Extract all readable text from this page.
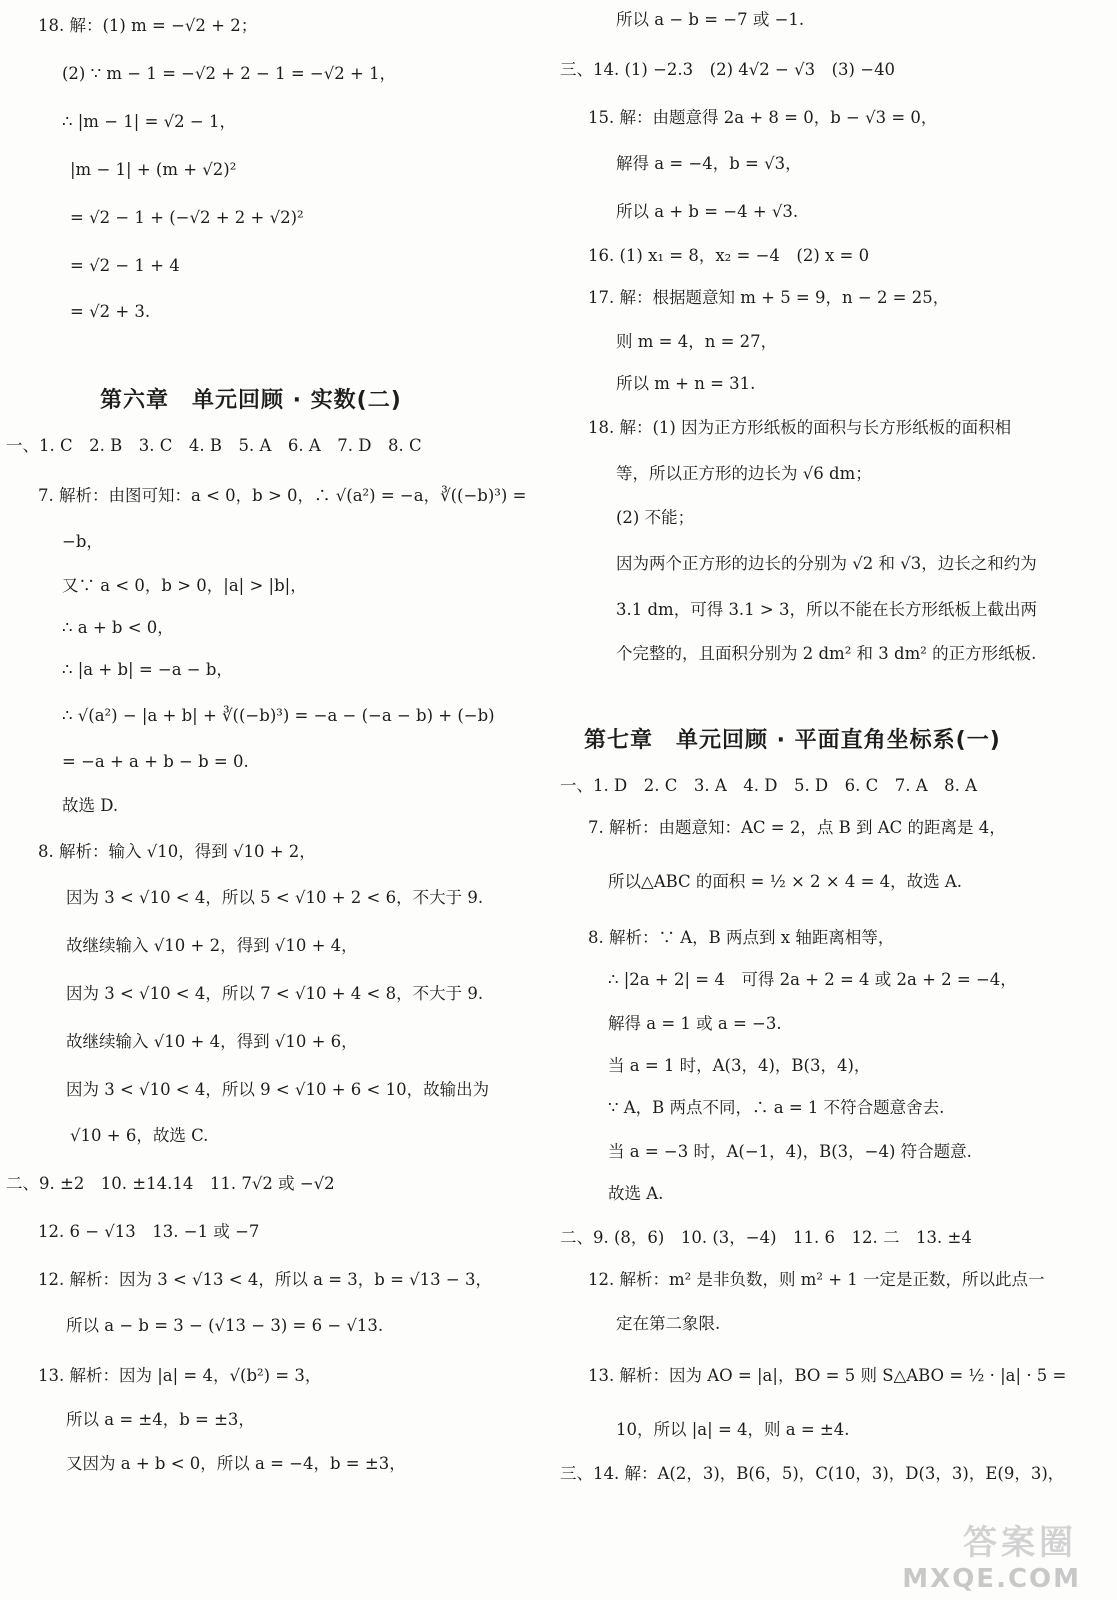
18. 解：(1) m = −√2 + 2；
(2) ∵ m − 1 = −√2 + 2 − 1 = −√2 + 1，
∴ |m − 1| = √2 − 1，
|m − 1| + (m + √2)²
= √2 − 1 + (−√2 + 2 + √2)²
= √2 − 1 + 4
= √2 + 3.
第六章　单元回顾 · 实数(二)
一、1. C　2. B　3. C　4. B　5. A　6. A　7. D　8. C
7. 解析：由图可知：a < 0，b > 0，∴ √(a²) = −a，∛((−b)³) =
−b，
又∵ a < 0，b > 0，|a| > |b|，
∴ a + b < 0，
∴ |a + b| = −a − b，
∴ √(a²) − |a + b| + ∛((−b)³) = −a − (−a − b) + (−b)
= −a + a + b − b = 0.
故选 D.
8. 解析：输入 √10，得到 √10 + 2，
因为 3 < √10 < 4，所以 5 < √10 + 2 < 6，不大于 9.
故继续输入 √10 + 2，得到 √10 + 4，
因为 3 < √10 < 4，所以 7 < √10 + 4 < 8，不大于 9.
故继续输入 √10 + 4，得到 √10 + 6，
因为 3 < √10 < 4，所以 9 < √10 + 6 < 10，故输出为
√10 + 6，故选 C.
二、9. ±2　10. ±14.14　11. 7√2 或 −√2
12. 6 − √13　13. −1 或 −7
12. 解析：因为 3 < √13 < 4，所以 a = 3，b = √13 − 3，
所以 a − b = 3 − (√13 − 3) = 6 − √13.
13. 解析：因为 |a| = 4，√(b²) = 3，
所以 a = ±4，b = ±3，
又因为 a + b < 0，所以 a = −4，b = ±3，
所以 a − b = −7 或 −1.
三、14. (1) −2.3　(2) 4√2 − √3　(3) −40
15. 解：由题意得 2a + 8 = 0，b − √3 = 0，
解得 a = −4，b = √3，
所以 a + b = −4 + √3.
16. (1) x₁ = 8，x₂ = −4　(2) x = 0
17. 解：根据题意知 m + 5 = 9，n − 2 = 25，
则 m = 4，n = 27，
所以 m + n = 31.
18. 解：(1) 因为正方形纸板的面积与长方形纸板的面积相
等，所以正方形的边长为 √6 dm；
(2) 不能；
因为两个正方形的边长的分别为 √2 和 √3，边长之和约为
3.1 dm，可得 3.1 > 3，所以不能在长方形纸板上截出两
个完整的，且面积分别为 2 dm² 和 3 dm² 的正方形纸板.
第七章　单元回顾 · 平面直角坐标系(一)
一、1. D　2. C　3. A　4. D　5. D　6. C　7. A　8. A
7. 解析：由题意知：AC = 2，点 B 到 AC 的距离是 4，
所以△ABC 的面积 = ½ × 2 × 4 = 4，故选 A.
8. 解析：∵ A，B 两点到 x 轴距离相等，
∴ |2a + 2| = 4　可得 2a + 2 = 4 或 2a + 2 = −4，
解得 a = 1 或 a = −3.
当 a = 1 时，A(3，4)，B(3，4)，
∵ A，B 两点不同，∴ a = 1 不符合题意舍去.
当 a = −3 时，A(−1，4)，B(3，−4) 符合题意.
故选 A.
二、9. (8，6)　10. (3，−4)　11. 6　12. 二　13. ±4
12. 解析：m² 是非负数，则 m² + 1 一定是正数，所以此点一
定在第二象限.
13. 解析：因为 AO = |a|，BO = 5 则 S△ABO = ½ · |a| · 5 =
10，所以 |a| = 4，则 a = ±4.
三、14. 解：A(2，3)，B(6，5)，C(10，3)，D(3，3)，E(9，3)，
答案圈
MXQE.COM
